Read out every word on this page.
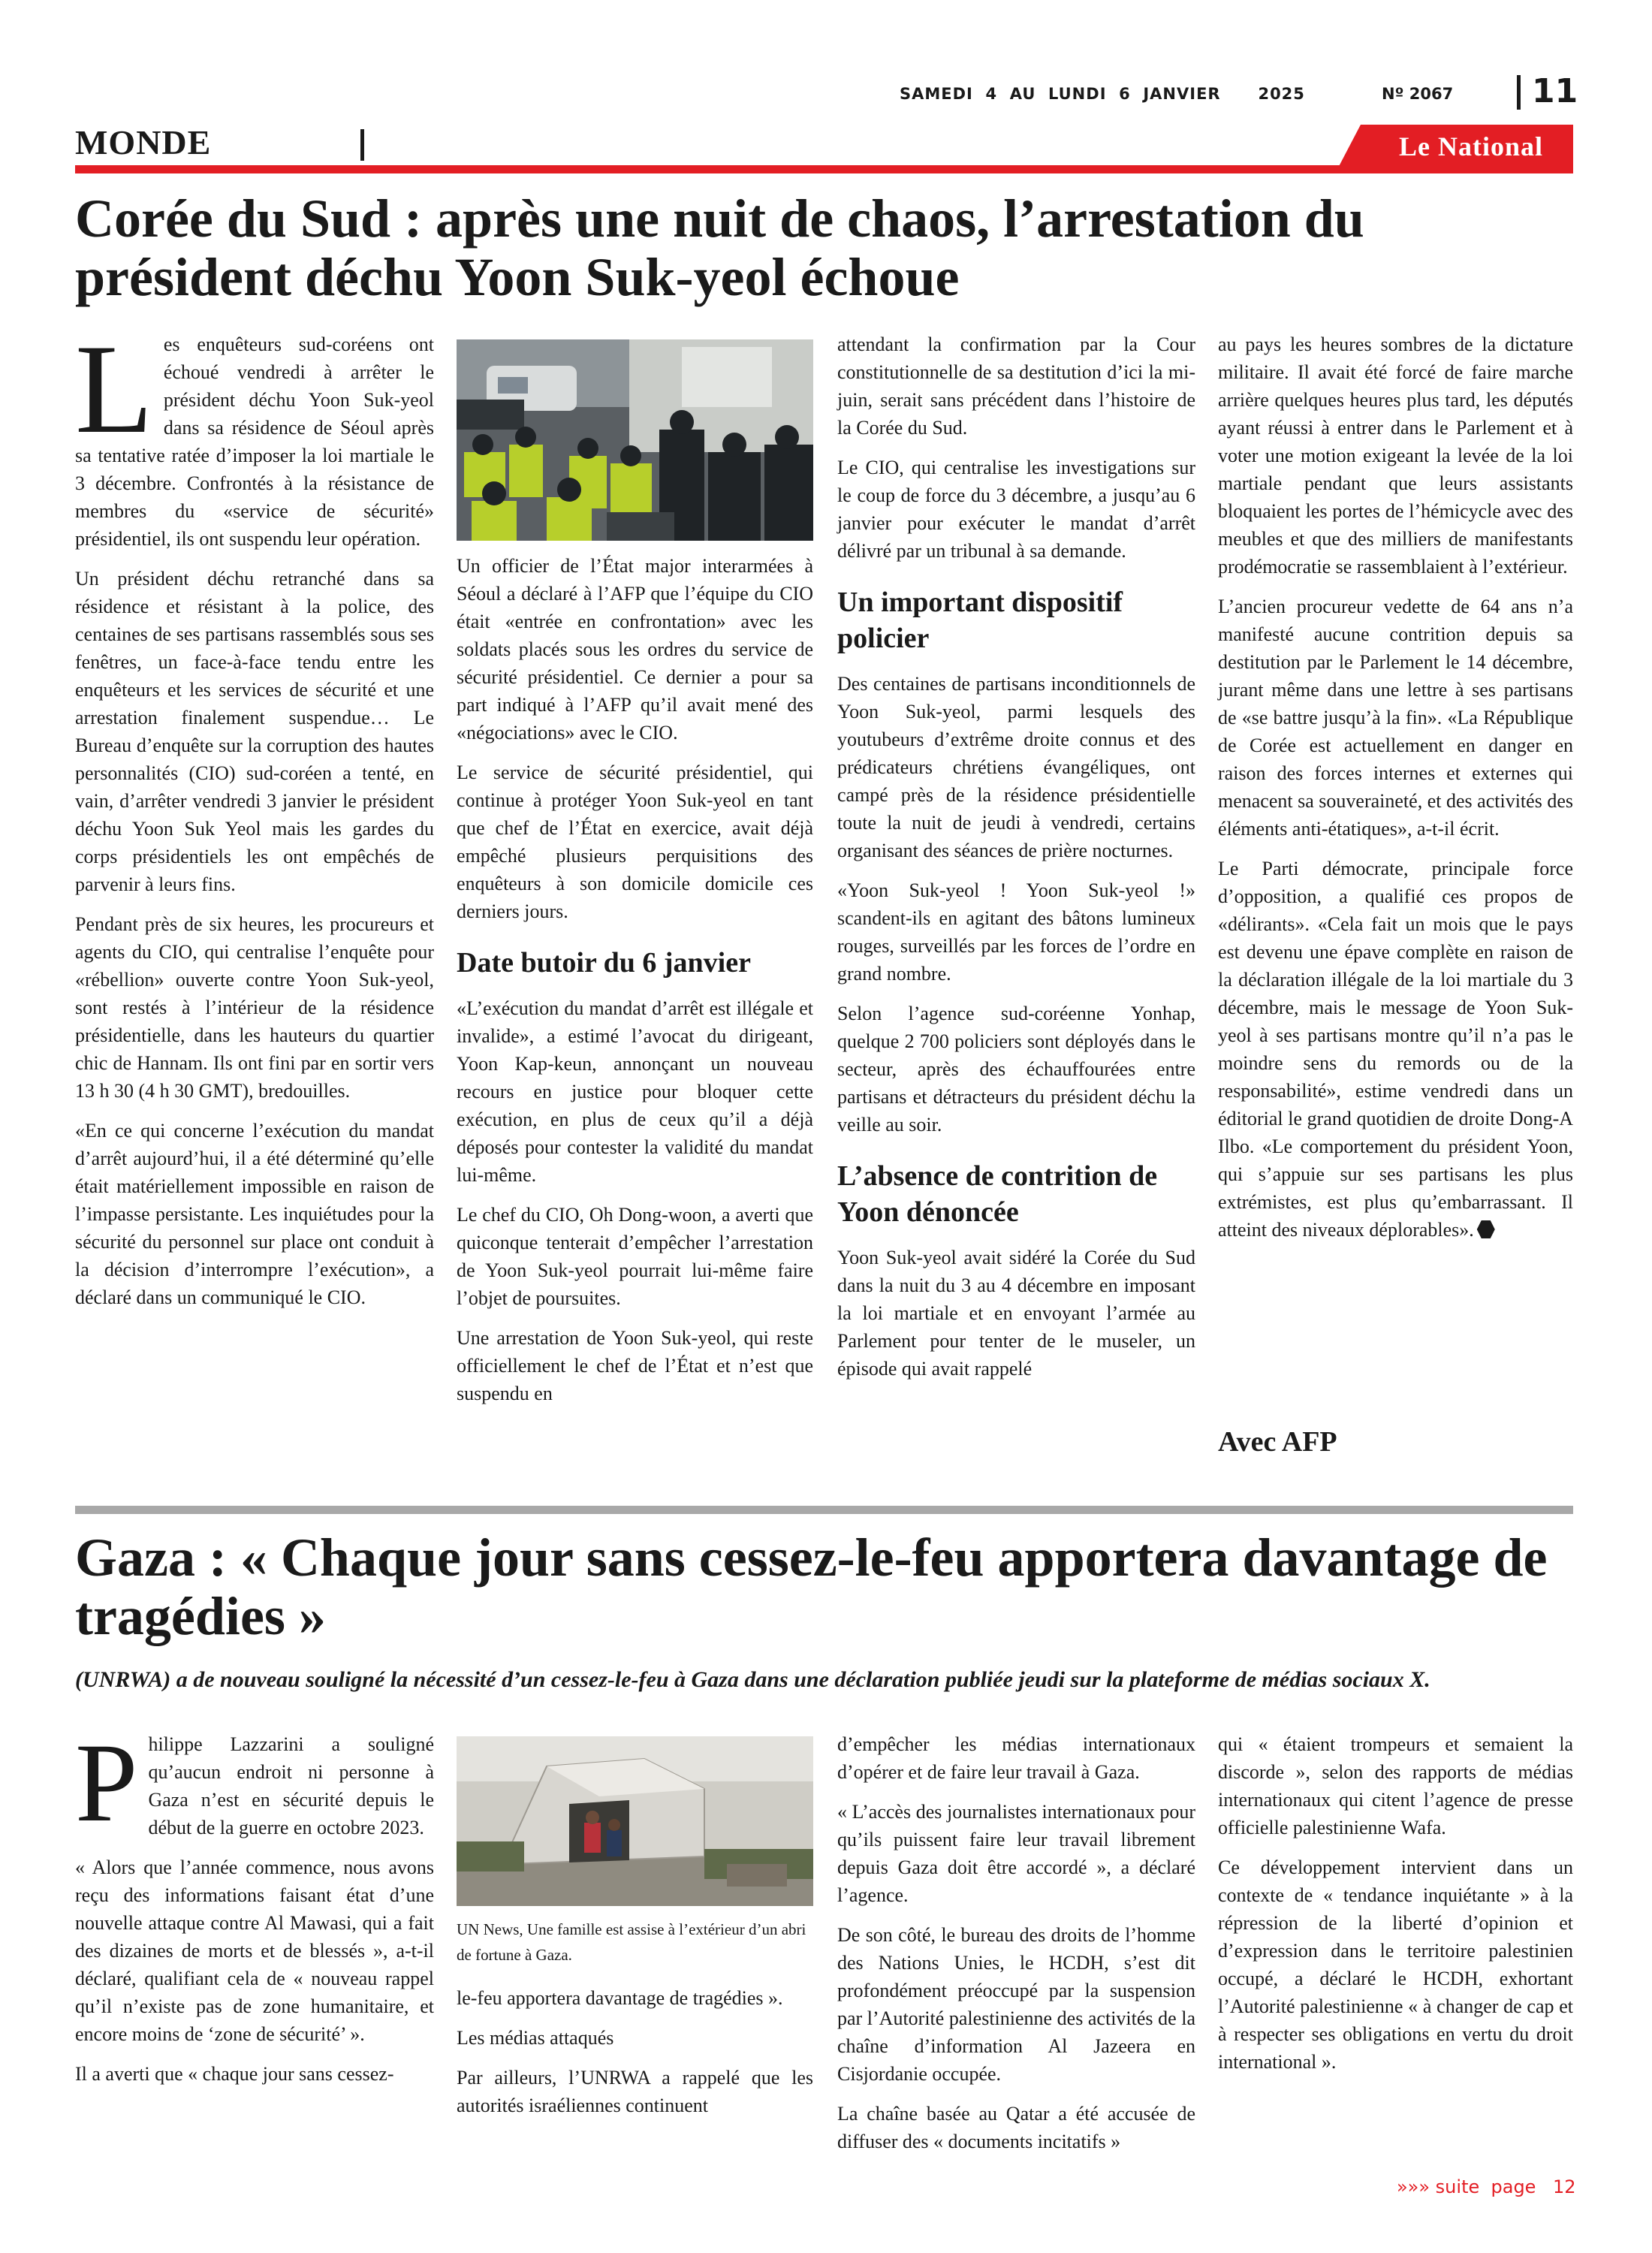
SAMEDI  4  AU  LUNDI  6  JANVIER      2025	Nº 2067 11
MONDE	Le National
Corée du Sud : après une nuit de chaos, l’arrestation du président déchu Yoon Suk-yeol échoue

Les enquêteurs sud-coréens ont échoué vendredi à arrêter le président déchu Yoon Suk-yeol dans sa résidence de Séoul après sa tentative ratée d’imposer la loi martiale le 3 décembre. Confrontés à la résistance de membres du «service de sécurité» présidentiel, ils ont suspendu leur opération.

Un président déchu retranché dans sa résidence et résistant à la police, des centaines de ses partisans rassemblés sous ses fenêtres, un face-à-face tendu entre les enquêteurs et les services de sécurité et une arrestation finalement suspendue… Le Bureau d’enquête sur la corruption des hautes personnalités (CIO) sud-coréen a tenté, en vain, d’arrêter vendredi 3 janvier le président déchu Yoon Suk Yeol mais les gardes du corps présidentiels les ont empêchés de parvenir à leurs fins.

Pendant près de six heures, les procureurs et agents du CIO, qui centralise l’enquête pour «rébellion» ouverte contre Yoon Suk-yeol, sont restés à l’intérieur de la résidence présidentielle, dans les hauteurs du quartier chic de Hannam. Ils ont fini par en sortir vers 13 h 30 (4 h 30 GMT), bredouilles.

«En ce qui concerne l’exécution du mandat d’arrêt aujourd’hui, il a été déterminé qu’elle était matériellement impossible en raison de l’impasse persistante. Les inquiétudes pour la sécurité du personnel sur place ont conduit à la décision d’interrompre l’exécution», a déclaré dans un communiqué le CIO.

Un officier de l’État major interarmées à Séoul a déclaré à l’AFP que l’équipe du CIO était «entrée en confrontation» avec les soldats placés sous les ordres du service de sécurité présidentiel. Ce dernier a pour sa part indiqué à l’AFP qu’il avait mené des «négociations» avec le CIO.

Le service de sécurité présidentiel, qui continue à protéger Yoon Suk-yeol en tant que chef de l’État en exercice, avait déjà empêché plusieurs perquisitions des enquêteurs à son domicile domicile ces derniers jours.

Date butoir du 6 janvier

«L’exécution du mandat d’arrêt est illégale et invalide», a estimé l’avocat du dirigeant, Yoon Kap-keun, annonçant un nouveau recours en justice pour bloquer cette exécution, en plus de ceux qu’il a déjà déposés pour contester la validité du mandat lui-même.

Le chef du CIO, Oh Dong-woon, a averti que quiconque tenterait d’empêcher l’arrestation de Yoon Suk-yeol pourrait lui-même faire l’objet de poursuites.

Une arrestation de Yoon Suk-yeol, qui reste officiellement le chef de l’État et n’est que suspendu en

attendant la confirmation par la Cour constitutionnelle de sa destitution d’ici la mi-juin, serait sans précédent dans l’histoire de la Corée du Sud.

Le CIO, qui centralise les investigations sur le coup de force du 3 décembre, a jusqu’au 6 janvier pour exécuter le mandat d’arrêt délivré par un tribunal à sa demande.

Un important dispositif policier

Des centaines de partisans inconditionnels de Yoon Suk-yeol, parmi lesquels des youtubeurs d’extrême droite connus et des prédicateurs chrétiens évangéliques, ont campé près de la résidence présidentielle toute la nuit de jeudi à vendredi, certains organisant des séances de prière nocturnes.

«Yoon Suk-yeol ! Yoon Suk-yeol !» scandent-ils en agitant des bâtons lumineux rouges, surveillés par les forces de l’ordre en grand nombre.

Selon l’agence sud-coréenne Yonhap, quelque 2 700 policiers sont déployés dans le secteur, après des échauffourées entre partisans et détracteurs du président déchu la veille au soir.

L’absence de contrition de Yoon dénoncée

Yoon Suk-yeol avait sidéré la Corée du Sud dans la nuit du 3 au 4 décembre en imposant la loi martiale et en envoyant l’armée au Parlement pour tenter de le museler, un épisode qui avait rappelé

au pays les heures sombres de la dictature militaire. Il avait été forcé de faire marche arrière quelques heures plus tard, les députés ayant réussi à entrer dans le Parlement et à voter une motion exigeant la levée de la loi martiale pendant que leurs assistants bloquaient les portes de l’hémicycle avec des meubles et que des milliers de manifestants prodémocratie se rassemblaient à l’extérieur.

L’ancien procureur vedette de 64 ans n’a manifesté aucune contrition depuis sa destitution par le Parlement le 14 décembre, jurant même dans une lettre à ses partisans de «se battre jusqu’à la fin». «La République de Corée est actuellement en danger en raison des forces internes et externes qui menacent sa souveraineté, et des activités des éléments anti-étatiques», a-t-il écrit.

Le Parti démocrate, principale force d’opposition, a qualifié ces propos de «délirants». «Cela fait un mois que le pays est devenu une épave complète en raison de la déclaration illégale de la loi martiale du 3 décembre, mais le message de Yoon Suk-yeol à ses partisans montre qu’il n’a pas le moindre sens du remords ou de la responsabilité», estime vendredi dans un éditorial le grand quotidien de droite Dong-A Ilbo. «Le comportement du président Yoon, qui s’appuie sur ses partisans les plus extrémistes, est plus qu’embarrassant. Il atteint des niveaux déplorables».

Avec AFP
Gaza : « Chaque jour sans cessez-le-feu apportera davantage de tragédies »
(UNRWA) a de nouveau souligné la nécessité d’un cessez-le-feu à Gaza dans une déclaration publiée jeudi sur la plateforme de médias sociaux X.

Philippe Lazzarini a souligné qu’aucun endroit ni personne à Gaza n’est en sécurité depuis le début de la guerre en octobre 2023.

« Alors que l’année commence, nous avons reçu des informations faisant état d’une nouvelle attaque contre Al Mawasi, qui a fait des dizaines de morts et de blessés », a-t-il déclaré, qualifiant cela de « nouveau rappel qu’il n’existe pas de zone humanitaire, et encore moins de ‘zone de sécurité’ ».

Il a averti que « chaque jour sans cessez-

UN News, Une famille est assise à l’extérieur d’un abri de fortune à Gaza.

le-feu apportera davantage de tragédies ».

Les médias attaqués

Par ailleurs, l’UNRWA a rappelé que les autorités israéliennes continuent

d’empêcher les médias internationaux d’opérer et de faire leur travail à Gaza.

« L’accès des journalistes internationaux pour qu’ils puissent faire leur travail librement depuis Gaza doit être accordé », a déclaré l’agence.

De son côté, le bureau des droits de l’homme des Nations Unies, le HCDH, s’est dit profondément préoccupé par la suspension par l’Autorité palestinienne des activités de la chaîne d’information Al Jazeera en Cisjordanie occupée.

La chaîne basée au Qatar a été accusée de diffuser des « documents incitatifs »

qui « étaient trompeurs et semaient la discorde », selon des rapports de médias internationaux qui citent l’agence de presse officielle palestinienne Wafa.

Ce développement intervient dans un contexte de « tendance inquiétante » à la répression de la liberté d’opinion et d’expression dans le territoire palestinien occupé, a déclaré le HCDH, exhortant l’Autorité palestinienne « à changer de cap et à respecter ses obligations en vertu du droit international ».

»»» suite  page 12
